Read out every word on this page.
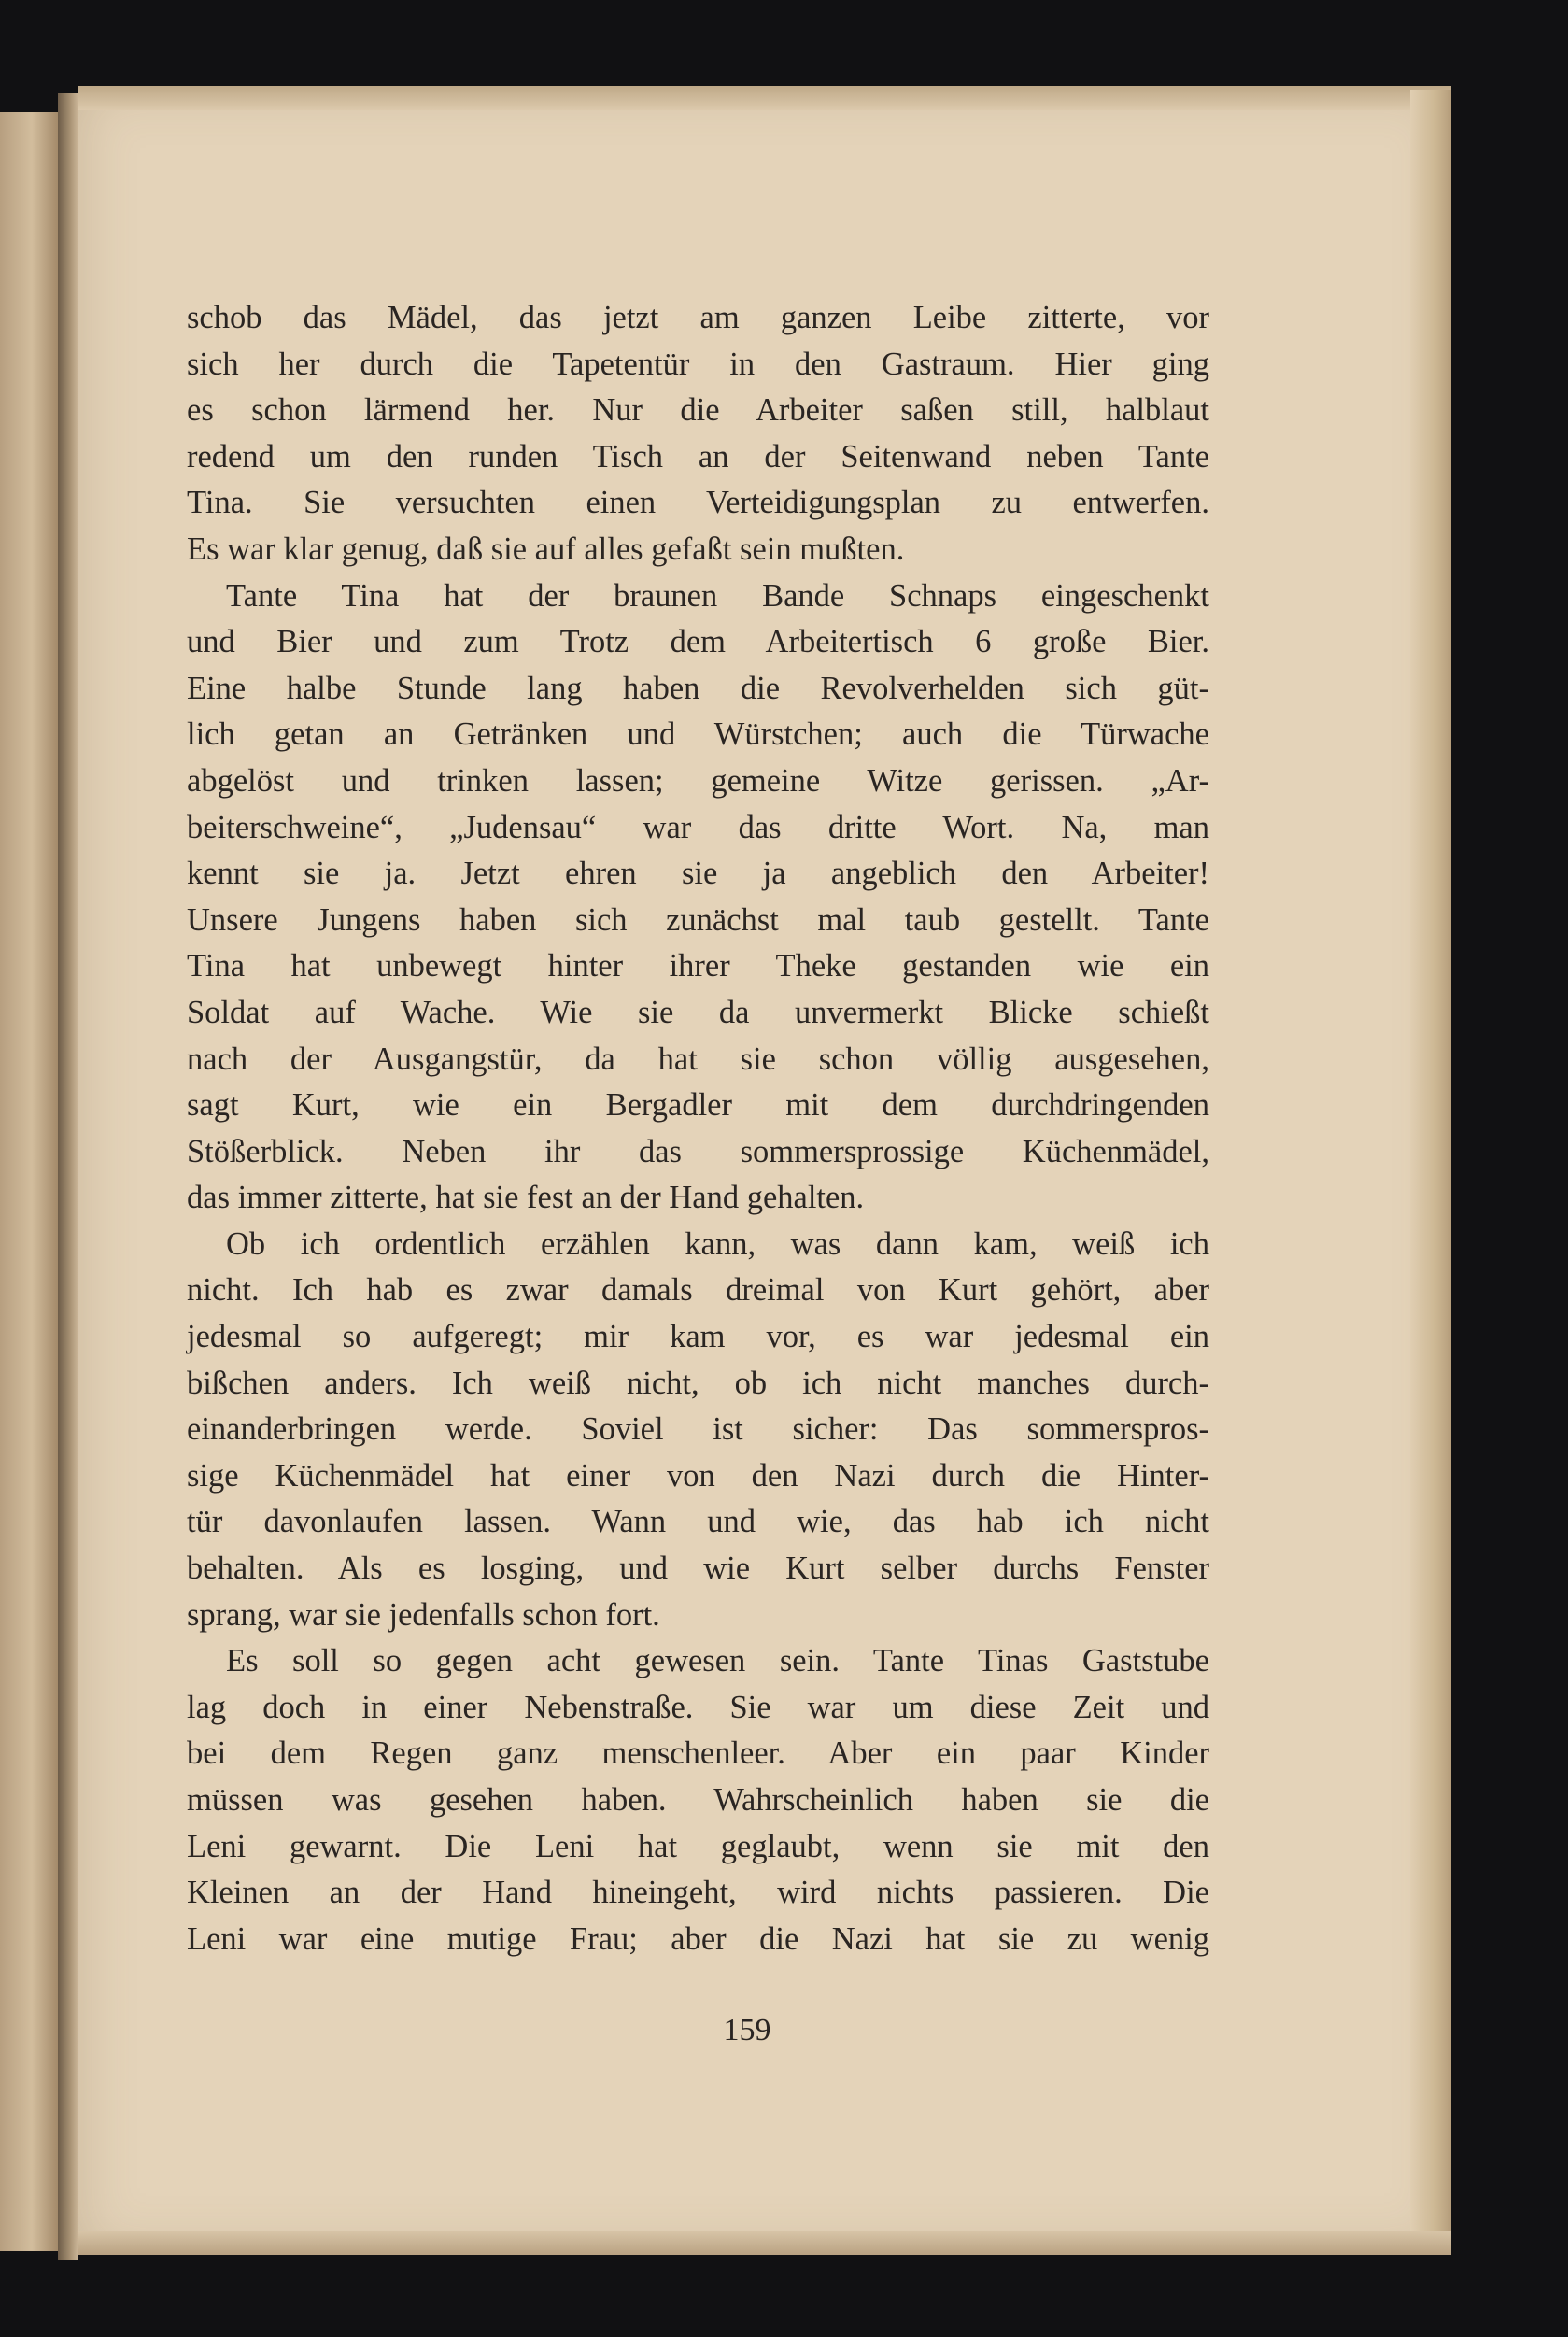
schob das Mädel, das jetzt am ganzen Leibe zitterte, vor
sich her durch die Tapetentür in den Gastraum. Hier ging
es schon lärmend her. Nur die Arbeiter saßen still, halblaut
redend um den runden Tisch an der Seitenwand neben Tante
Tina. Sie versuchten einen Verteidigungsplan zu entwerfen.
Es war klar genug, daß sie auf alles gefaßt sein mußten.
Tante Tina hat der braunen Bande Schnaps eingeschenkt
und Bier und zum Trotz dem Arbeitertisch 6 große Bier.
Eine halbe Stunde lang haben die Revolverhelden sich güt-
lich getan an Getränken und Würstchen; auch die Türwache
abgelöst und trinken lassen; gemeine Witze gerissen. „Ar-
beiterschweine“, „Judensau“ war das dritte Wort. Na, man
kennt sie ja. Jetzt ehren sie ja angeblich den Arbeiter!
Unsere Jungens haben sich zunächst mal taub gestellt. Tante
Tina hat unbewegt hinter ihrer Theke gestanden wie ein
Soldat auf Wache. Wie sie da unvermerkt Blicke schießt
nach der Ausgangstür, da hat sie schon völlig ausgesehen,
sagt Kurt, wie ein Bergadler mit dem durchdringenden
Stößerblick. Neben ihr das sommersprossige Küchenmädel,
das immer zitterte, hat sie fest an der Hand gehalten.
Ob ich ordentlich erzählen kann, was dann kam, weiß ich
nicht. Ich hab es zwar damals dreimal von Kurt gehört, aber
jedesmal so aufgeregt; mir kam vor, es war jedesmal ein
bißchen anders. Ich weiß nicht, ob ich nicht manches durch-
einanderbringen werde. Soviel ist sicher: Das sommerspros-
sige Küchenmädel hat einer von den Nazi durch die Hinter-
tür davonlaufen lassen. Wann und wie, das hab ich nicht
behalten. Als es losging, und wie Kurt selber durchs Fenster
sprang, war sie jedenfalls schon fort.
Es soll so gegen acht gewesen sein. Tante Tinas Gaststube
lag doch in einer Nebenstraße. Sie war um diese Zeit und
bei dem Regen ganz menschenleer. Aber ein paar Kinder
müssen was gesehen haben. Wahrscheinlich haben sie die
Leni gewarnt. Die Leni hat geglaubt, wenn sie mit den
Kleinen an der Hand hineingeht, wird nichts passieren. Die
Leni war eine mutige Frau; aber die Nazi hat sie zu wenig
159
